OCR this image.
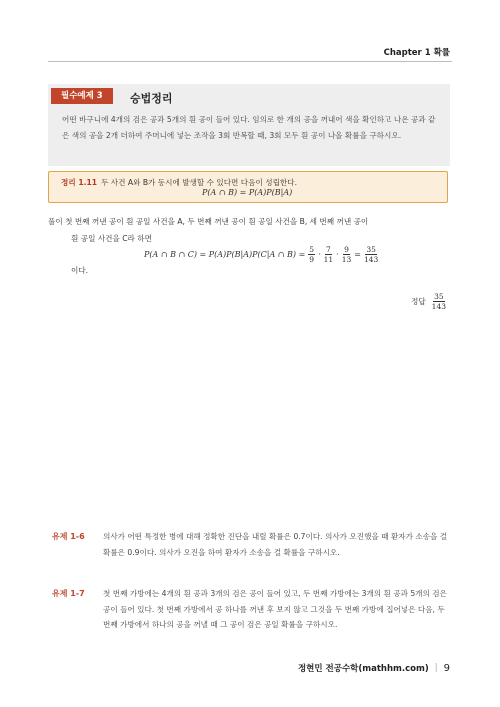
Chapter 1 확률
필수예제 3	승법정리
어떤 바구니에 4개의 검은 공과 5개의 흰 공이 들어 있다. 임의로 한 개의 공을 꺼내어 색을 확인하고 나온 공과 같은 색의 공을 2개 더하여 주머니에 넣는 조작을 3회 반복할 때, 3회 모두 흰 공이 나올 확률을 구하시오.
정리 1.11 두 사건 A와 B가 동시에 발생할 수 있다면 다음이 성립한다.
P(A ∩ B) = P(A)P(B|A)
풀이 첫 번째 꺼낸 공이 흰 공일 사건을 A, 두 번째 꺼낸 공이 흰 공일 사건을 B, 세 번째 꺼낸 공이
흰 공일 사건을 C라 하면
P(A ∩ B ∩ C) = P(A)P(B|A)P(C|A ∩ $B) = \frac{5}{9} \cdot \frac{7}{11} \cdot \frac{9}{13} = \frac{35}{143}$
이다.
정답 $\frac{35}{143}$
유제 1-6 의사가 어떤 특정한 병에 대해 정확한 진단을 내릴 확률은 0.7이다. 의사가 오진했을 때 환자가 소송을 걸 확률은 0.9이다. 의사가 오진을 하여 환자가 소송을 걸 확률을 구하시오.
유제 1-7 첫 번째 가방에는 4개의 흰 공과 3개의 검은 공이 들어 있고, 두 번째 가방에는 3개의 흰 공과 5개의 검은 공이 들어 있다. 첫 번째 가방에서 공 하나를 꺼낸 후 보지 않고 그것을 두 번째 가방에 집어넣은 다음, 두 번째 가방에서 하나의 공을 꺼낼 때 그 공이 검은 공일 확률을 구하시오.
정현민 전공수학(mathhm.com) | 9
